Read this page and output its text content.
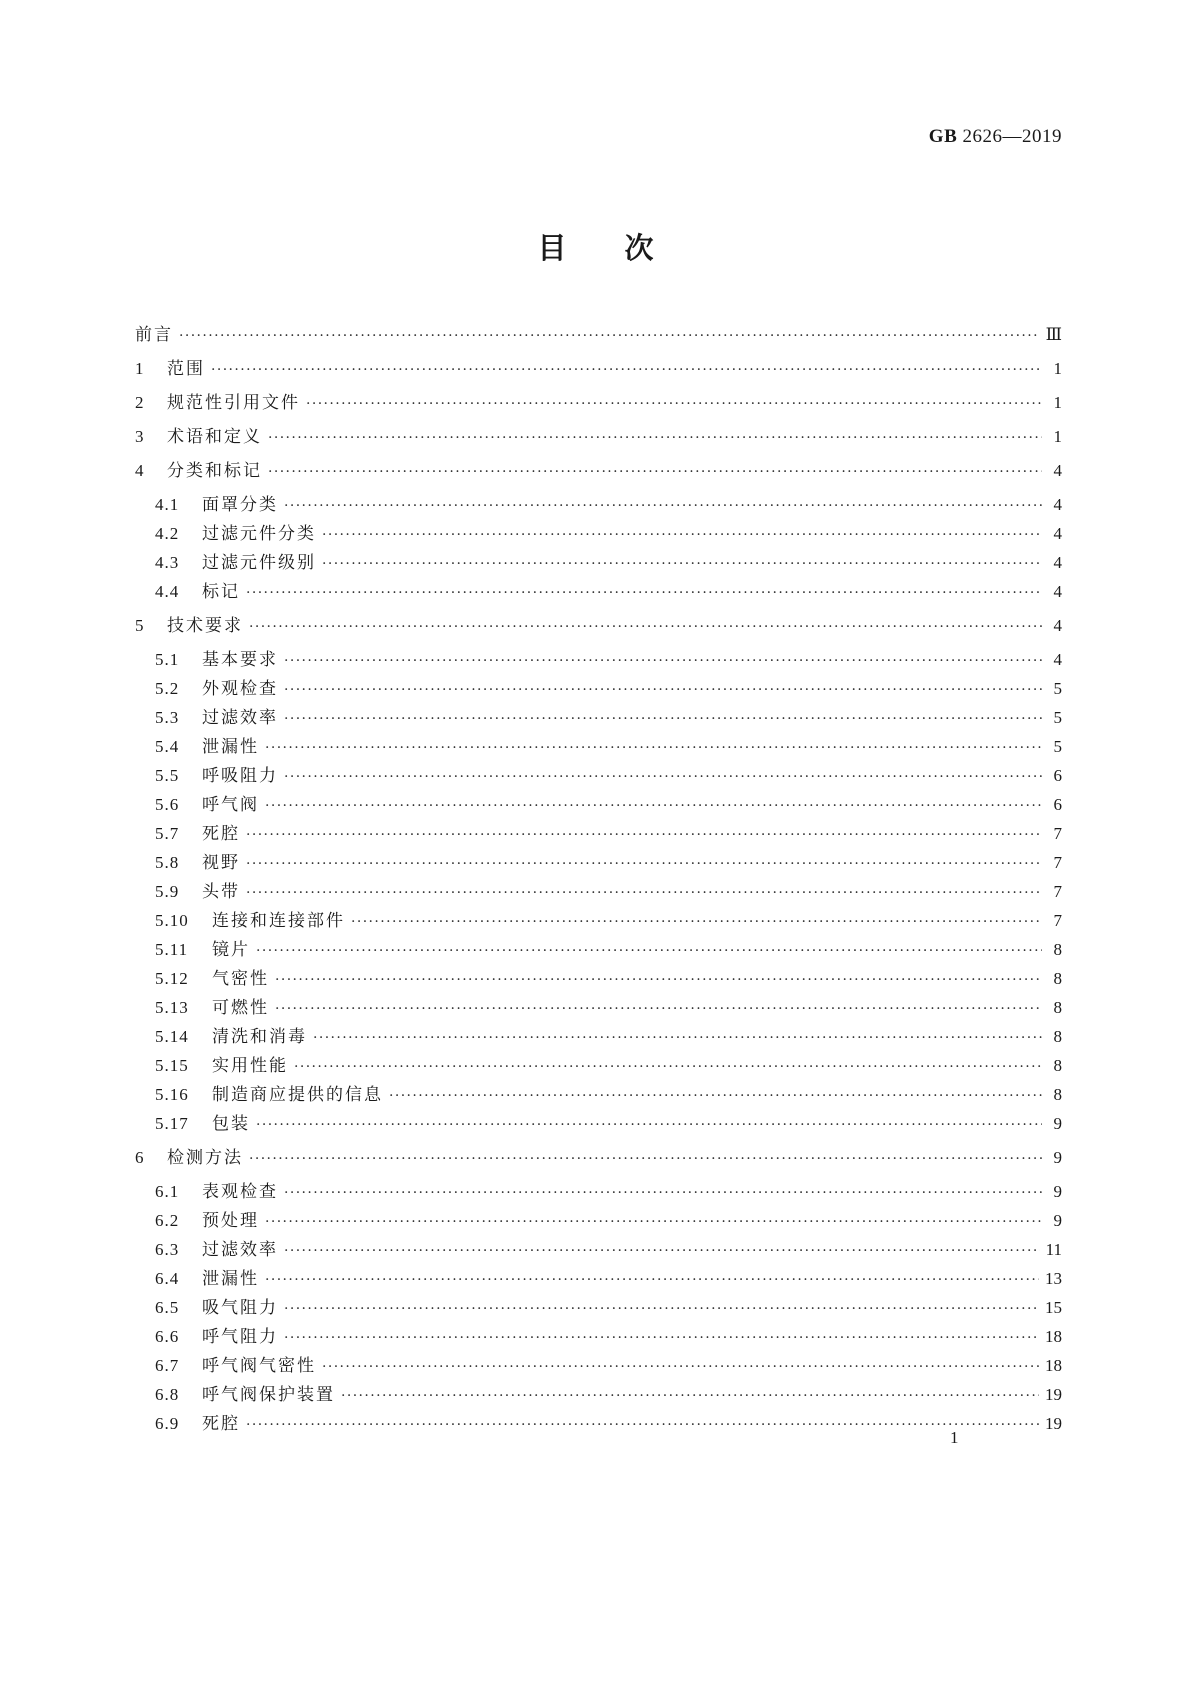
GB 2626—2019
目次
前言 ·····	Ⅲ
1	范围 ·····	1
2	规范性引用文件 ·····	1
3	术语和定义 ·····	1
4	分类和标记 ·····	4
4.1	面罩分类 ·····	4
4.2	过滤元件分类 ·····	4
4.3	过滤元件级别 ·····	4
4.4	标记 ·····	4
5	技术要求 ·····	4
5.1	基本要求 ·····	4
5.2	外观检查 ·····	5
5.3	过滤效率 ·····	5
5.4	泄漏性 ·····	5
5.5	呼吸阻力 ·····	6
5.6	呼气阀 ·····	6
5.7	死腔 ·····	7
5.8	视野 ·····	7
5.9	头带 ·····	7
5.10	连接和连接部件 ·····	7
5.11	镜片 ·····	8
5.12	气密性 ·····	8
5.13	可燃性 ·····	8
5.14	清洗和消毒 ·····	8
5.15	实用性能 ·····	8
5.16	制造商应提供的信息 ·····	8
5.17	包装 ·····	9
6	检测方法 ·····	9
6.1	表观检查 ·····	9
6.2	预处理 ·····	9
6.3	过滤效率 ·····	11
6.4	泄漏性 ·····	13
6.5	吸气阻力 ·····	15
6.6	呼气阻力 ·····	18
6.7	呼气阀气密性 ·····	18
6.8	呼气阀保护装置 ·····	19
6.9	死腔 ·····	19
1
